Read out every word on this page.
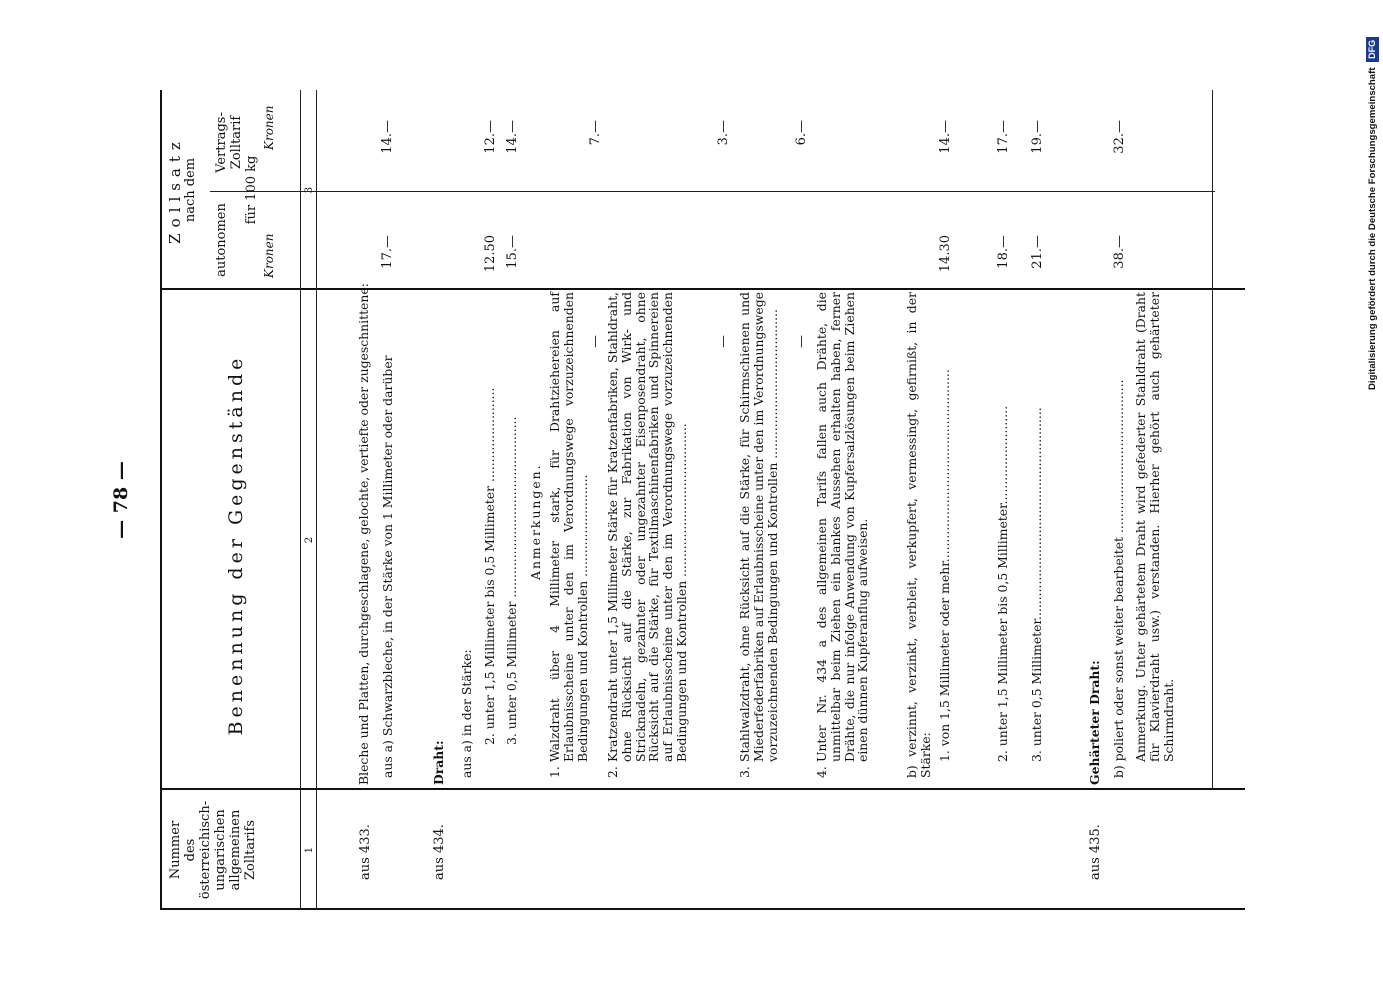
— 78 —
Nummer des österreichisch- ungarischen allgemeinen Zolltarifs
Benennung der Gegenstände
Zollsatz nach dem
autonomen
Vertrags- Zolltarif
für 100 kg
Kronen
Kronen
1
2
3
aus 433.
Bleche und Platten, durchgeschlagene, gelochte, vertiefte oder zugeschnittene: aus a) Schwarzbleche, in der Stärke von 1 Millimeter oder darüber
17.—
14.—
aus 434.
Draht: aus a) in der Stärke: 2. unter 1,5 Millimeter bis 0,5 Millimeter ........................
12.50
12.—
3. unter 0,5 Millimeter ..............................................
15.—
14.—
Anmerkungen.
1.
Walzdraht über 4 Millimeter stark, für Drahtziehereien auf Erlaubnisscheine unter den im Verordnungswege vorzuzeichnenden Bedingungen und Kontrollen ..........................
—
7.—
2.
Kratzendraht unter 1,5 Millimeter Stärke für Kratzenfabriken, Stahldraht, ohne Rücksicht auf die Stärke, zur Fabrikation von Wirk- und Stricknadeln, gezahnter oder ungezahnter Eisenposendraht, ohne Rücksicht auf die Stärke, für Textilmaschinenfabriken und Spinnereien auf Erlaubnisscheine unter den im Verordnungswege vorzuzeichnenden Bedingungen und Kontrollen .......................................
—
3.—
3.
Stahlwalzdraht, ohne Rücksicht auf die Stärke, für Schirmschienen und Miederfederfabriken auf Erlaubnisscheine unter den im Verordnungswege vorzuzeichnenden Bedingungen und Kontrollen ...................................... —
6.—
4.
Unter Nr. 434 a des allgemeinen Tarifs fallen auch Drähte, die unmittelbar beim Ziehen ein blankes Aussehen erhalten haben, ferner Drähte, die nur infolge Anwendung von Kupfersalzlösungen beim Ziehen einen dünnen Kupferanflug aufweisen.	b) verzinnt, verzinkt, verbleit, verkupfert, vermessingt, gefirnißt, in der Stärke: 1. von 1,5 Millimeter oder mehr.................................................
14.30
14.—
2. unter 1,5 Millimeter bis 0,5 Millimeter.........................
18.—
17.—
3. unter 0,5 Millimeter......................................................
21.—
19.—
aus 435.
Gehärteter Draht: b) poliert oder sonst weiter bearbeitet .......................................
38.—
32.—
Anmerkung. Unter gehärtetem Draht wird gefederter Stahldraht (Draht für Klavierdraht usw.) verstanden. Hierher gehört auch gehärteter Schirmdraht.
Digitalisierung gefördert durch die Deutsche Forschungsgemeinschaft DFG
